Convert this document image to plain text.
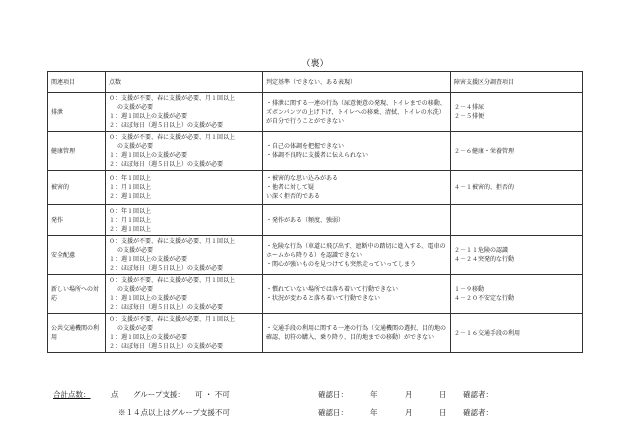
（裏）
関連項目	点数	判定基準（できない、ある表現）	障害支援区分調査項目
排泄	０：支援が不要、春に支援が必要、月１回以上
の支援が必要
１：週１回以上の支援が必要
２：ほぼ毎日（週５日以上）の支援が必要	・排泄に関する一連の行為（尿意便意の発現、トイレまでの移動、ズボンパンツの上げ下げ、トイレへの移乗、清拭、トイレの水洗）が自分で行うことができない	２－４排尿
２－５排便

健康管理	０：支援が不要、春に支援が必要、月１回以上
の支援が必要
１：週１回以上の支援が必要
２：ほぼ毎日（週５日以上）の支援が必要	・自己の体調を把握できない
・体調不良時に支援者に伝えられない	２－６健康・栄養管理

被害的	０：年１回以上
１：月１回以上
２：週１回以上	・被害的な思い込みがある
・他者に対して疑
い深く拒否的である	４－１被害的、拒否的

発作	０：年１回以上
１：月１回以上
２：週１回以上	・発作がある（頻度、強弱）	

安全配慮	０：支援が不要、春に支援が必要、月１回以上
の支援が必要
１：週１回以上の支援が必要
２：ほぼ毎日（週５日以上）の支援が必要	・危険な行為（車道に飛び出す、遮断中の踏切に進入する、電車のホームから降りる）を認識できない
・関心が強いものを見つけても突然走っていってしまう	２－１１危険の認識
４－２４突発的な行動

新しい場所への対応	０：支援が不要、春に支援が必要、月１回以上
の支援が必要
１：週１回以上の支援が必要
２：ほぼ毎日（週５日以上）の支援が必要	・慣れていない場所では落ち着いて行動できない
・状況が変わると落ち着いて行動できない	１－９移動
４－２０不安定な行動

公共交通機関の利用	０：支援が不要、春に支援が必要、月１回以上
の支援が必要
１：週１回以上の支援が必要
２：ほぼ毎日（週５日以上）の支援が必要	・交通手段の利用に関する一連の行為（交通機関の選択、目的地の確認、切符の購入、乗り降り、目的地までの移動）ができない	２－１６交通手段の利用
合計点数：	点 グループ支援： 可 ・ 不可	確認日：	年	月	日 確認者：
※１４点以上はグループ支援不可	確認日：	年	月	日 確認者：
